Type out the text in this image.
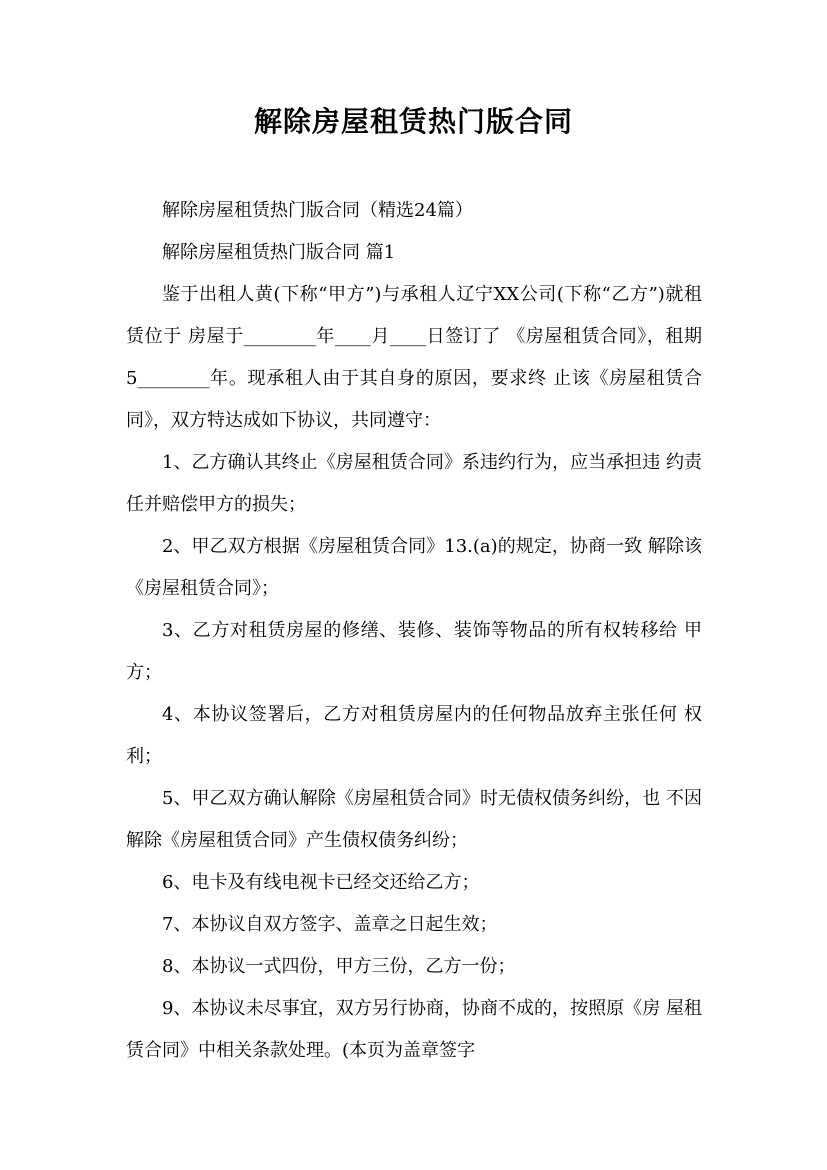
解除房屋租赁热门版合同

解除房屋租赁热门版合同（精选24篇）

解除房屋租赁热门版合同 篇1

鉴于出租人黄(下称“甲方”)与承租人辽宁XX公司(下称“乙方”)就租赁位于 房屋于________年____月____日签订了 《房屋租赁合同》，租期 5________年。现承租人由于其自身的原因，要求终 止该《房屋租赁合同》，双方特达成如下协议，共同遵守：

1、乙方确认其终止《房屋租赁合同》系违约行为，应当承担违 约责任并赔偿甲方的损失；

2、甲乙双方根据《房屋租赁合同》13.(a)的规定，协商一致 解除该《房屋租赁合同》；

3、乙方对租赁房屋的修缮、装修、装饰等物品的所有权转移给 甲方；

4、本协议签署后，乙方对租赁房屋内的任何物品放弃主张任何 权利；

5、甲乙双方确认解除《房屋租赁合同》时无债权债务纠纷，也 不因解除《房屋租赁合同》产生债权债务纠纷；

6、电卡及有线电视卡已经交还给乙方；

7、本协议自双方签字、盖章之日起生效；

8、本协议一式四份，甲方三份，乙方一份；

9、本协议未尽事宜，双方另行协商，协商不成的，按照原《房 屋租赁合同》中相关条款处理。(本页为盖章签字
